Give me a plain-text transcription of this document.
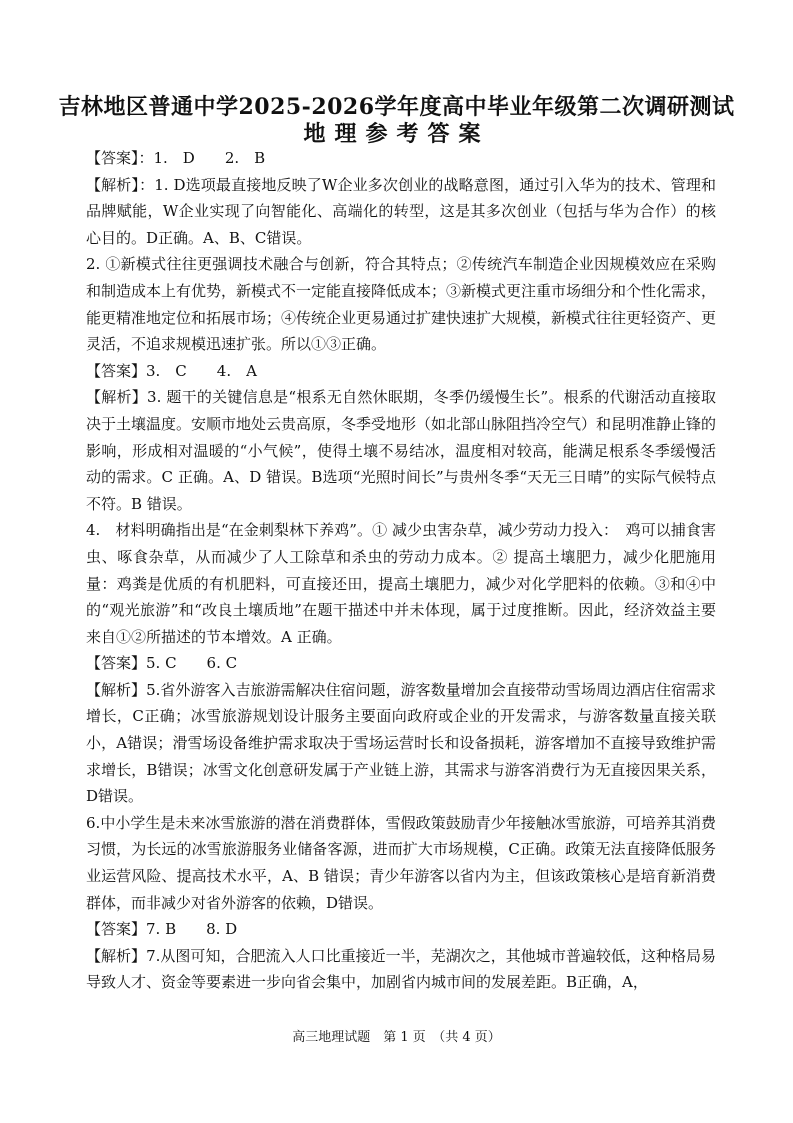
吉林地区普通中学2025-2026学年度高中毕业年级第二次调研测试
地理参考答案

【答案】：1.　D　　2.　B

【解析】：1. D选项最直接地反映了W企业多次创业的战略意图，通过引入华为的技术、管理和品牌赋能，W企业实现了向智能化、高端化的转型，这是其多次创业（包括与华为合作）的核心目的。D正确。A、B、C错误。

2. ①新模式往往更强调技术融合与创新，符合其特点；②传统汽车制造企业因规模效应在采购和制造成本上有优势，新模式不一定能直接降低成本；③新模式更注重市场细分和个性化需求，能更精准地定位和拓展市场；④传统企业更易通过扩建快速扩大规模，新模式往往更轻资产、更灵活，不追求规模迅速扩张。所以①③正确。

【答案】3.　C　　4.　A

【解析】3. 题干的关键信息是“根系无自然休眠期，冬季仍缓慢生长”。根系的代谢活动直接取决于土壤温度。安顺市地处云贵高原，冬季受地形（如北部山脉阻挡冷空气）和昆明准静止锋的影响，形成相对温暖的“小气候”，使得土壤不易结冰，温度相对较高，能满足根系冬季缓慢活动的需求。C 正确。A、D 错误。B选项“光照时间长”与贵州冬季“天无三日晴”的实际气候特点不符。B 错误。

4.　材料明确指出是“在金刺梨林下养鸡”。① 减少虫害杂草，减少劳动力投入：　鸡可以捕食害虫、啄食杂草，从而减少了人工除草和杀虫的劳动力成本。② 提高土壤肥力，减少化肥施用量：鸡粪是优质的有机肥料，可直接还田，提高土壤肥力，减少对化学肥料的依赖。③和④中的“观光旅游”和“改良土壤质地”在题干描述中并未体现，属于过度推断。因此，经济效益主要来自①②所描述的节本增效。A 正确。

【答案】5. C　　6. C

【解析】5.省外游客入吉旅游需解决住宿问题，游客数量增加会直接带动雪场周边酒店住宿需求增长，C正确；冰雪旅游规划设计服务主要面向政府或企业的开发需求，与游客数量直接关联小，A错误；滑雪场设备维护需求取决于雪场运营时长和设备损耗，游客增加不直接导致维护需求增长，B错误；冰雪文化创意研发属于产业链上游，其需求与游客消费行为无直接因果关系，D错误。

6.中小学生是未来冰雪旅游的潜在消费群体，雪假政策鼓励青少年接触冰雪旅游，可培养其消费习惯，为长远的冰雪旅游服务业储备客源，进而扩大市场规模，C正确。政策无法直接降低服务业运营风险、提高技术水平，A、B 错误；青少年游客以省内为主，但该政策核心是培育新消费群体，而非减少对省外游客的依赖，D错误。

【答案】7. B　　8. D

【解析】7.从图可知，合肥流入人口比重接近一半，芜湖次之，其他城市普遍较低，这种格局易导致人才、资金等要素进一步向省会集中，加剧省内城市间的发展差距。B正确，A，

高三地理试题　第 1 页　（共 4 页）
